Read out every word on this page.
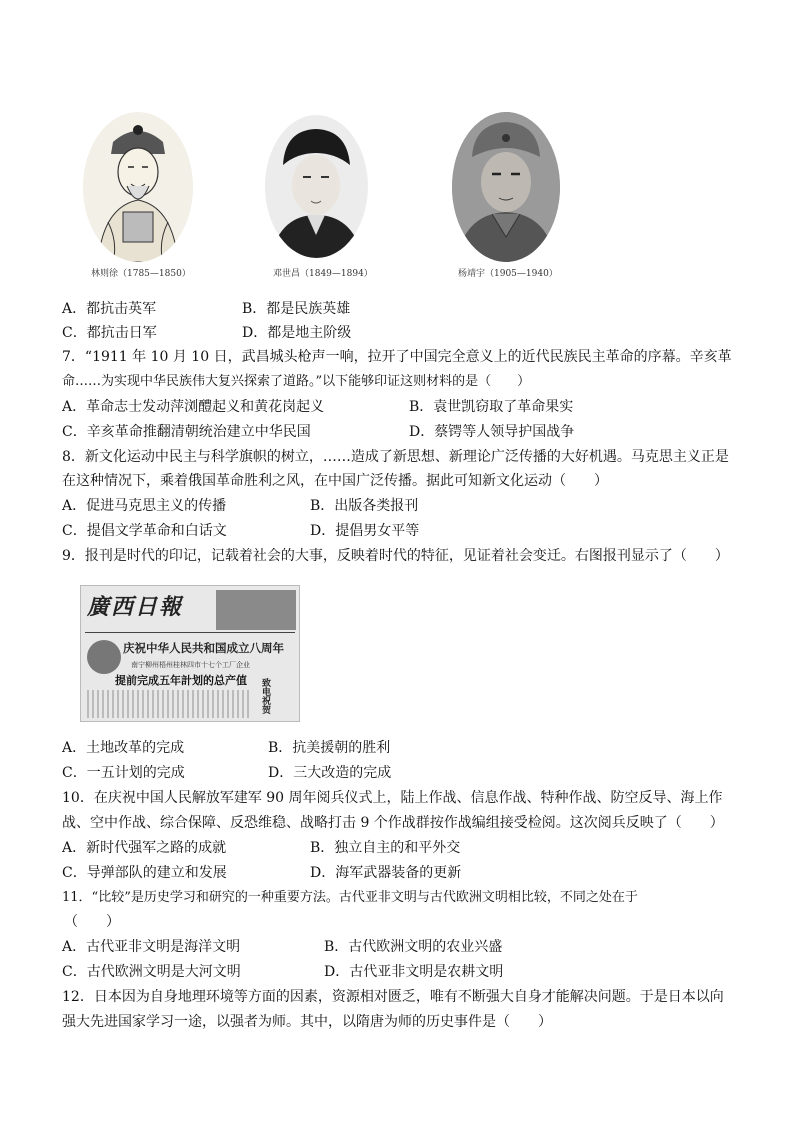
林则徐（1785—1850）	邓世昌（1849—1894）	杨靖宇（1905—1940）
A．都抗击英军	B．都是民族英雄
C．都抗击日军	D．都是地主阶级
7．“1911 年 10 月 10 日，武昌城头枪声一响，拉开了中国完全意义上的近代民族民主革命的序幕。辛亥革
命……为实现中华民族伟大复兴探索了道路。”以下能够印证这则材料的是（　　）
A．革命志士发动萍浏醴起义和黄花岗起义	B．袁世凯窃取了革命果实
C．辛亥革命推翻清朝统治建立中华民国	D．蔡锷等人领导护国战争
8．新文化运动中民主与科学旗帜的树立，……造成了新思想、新理论广泛传播的大好机遇。马克思主义正是
在这种情况下，乘着俄国革命胜利之风，在中国广泛传播。据此可知新文化运动（　　）
A．促进马克思主义的传播	B．出版各类报刊
C．提倡文学革命和白话文	D．提倡男女平等
9．报刊是时代的印记，记载着社会的大事，反映着时代的特征，见证着社会变迁。右图报刊显示了（　　）
廣西日報
庆祝中华人民共和国成立八周年
南宁柳州梧州桂林四市十七个工厂企业
提前完成五年計划的总产值 致电祝贺
A．土地改革的完成	B．抗美援朝的胜利
C．一五计划的完成	D．三大改造的完成
10．在庆祝中国人民解放军建军 90 周年阅兵仪式上，陆上作战、信息作战、特种作战、防空反导、海上作
战、空中作战、综合保障、反恐维稳、战略打击 9 个作战群按作战编组接受检阅。这次阅兵反映了（　　）
A．新时代强军之路的成就	B．独立自主的和平外交
C．导弹部队的建立和发展	D．海军武器装备的更新
11．“比较”是历史学习和研究的一种重要方法。古代亚非文明与古代欧洲文明相比较，不同之处在于
（　　）
A．古代亚非文明是海洋文明	B．古代欧洲文明的农业兴盛
C．古代欧洲文明是大河文明	D．古代亚非文明是农耕文明
12．日本因为自身地理环境等方面的因素，资源相对匮乏，唯有不断强大自身才能解决问题。于是日本以向
强大先进国家学习一途，以强者为师。其中，以隋唐为师的历史事件是（　　）
